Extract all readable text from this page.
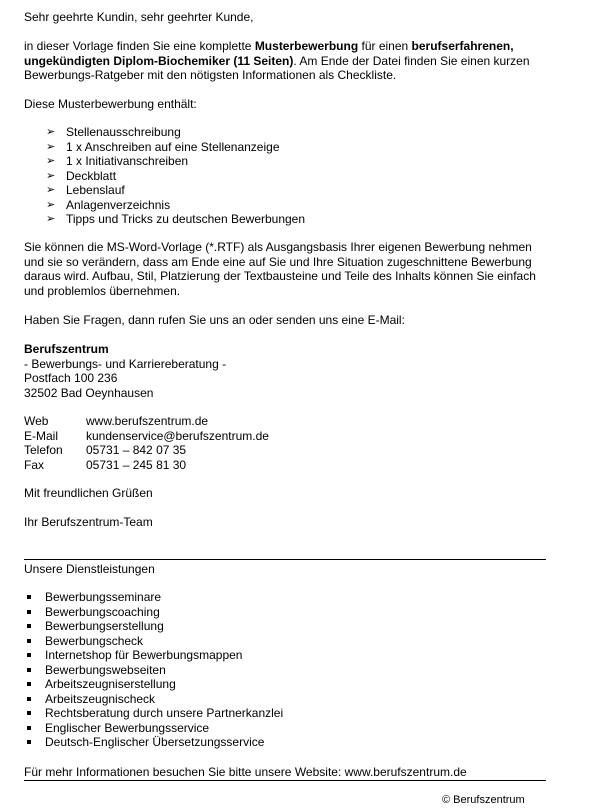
Sehr geehrte Kundin, sehr geehrter Kunde,

in dieser Vorlage finden Sie eine komplette Musterbewerbung für einen berufserfahrenen, ungekündigten Diplom-Biochemiker (11 Seiten). Am Ende der Datei finden Sie einen kurzen Bewerbungs-Ratgeber mit den nötigsten Informationen als Checkliste.

Diese Musterbewerbung enthält:

➢ Stellenausschreibung
➢ 1 x Anschreiben auf eine Stellenanzeige
➢ 1 x Initiativanschreiben
➢ Deckblatt
➢ Lebenslauf
➢ Anlagenverzeichnis
➢ Tipps und Tricks zu deutschen Bewerbungen

Sie können die MS-Word-Vorlage (*.RTF) als Ausgangsbasis Ihrer eigenen Bewerbung nehmen und sie so verändern, dass am Ende eine auf Sie und Ihre Situation zugeschnittene Bewerbung daraus wird. Aufbau, Stil, Platzierung der Textbausteine und Teile des Inhalts können Sie einfach und problemlos übernehmen.

Haben Sie Fragen, dann rufen Sie uns an oder senden uns eine E-Mail:

Berufszentrum
- Bewerbungs- und Karriereberatung -
Postfach 100 236
32502 Bad Oeynhausen
Web	www.berufszentrum.de
E-Mail	kundenservice@berufszentrum.de
Telefon	05731 – 842 07 35
Fax	05731 – 245 81 30

Mit freundlichen Grüßen

Ihr Berufszentrum-Team

Unsere Dienstleistungen

Bewerbungsseminare
Bewerbungscoaching
Bewerbungserstellung
Bewerbungscheck
Internetshop für Bewerbungsmappen
Bewerbungswebseiten
Arbeitszeugniserstellung
Arbeitszeugnischeck
Rechtsberatung durch unsere Partnerkanzlei
Englischer Bewerbungsservice
Deutsch-Englischer Übersetzungsservice

Für mehr Informationen besuchen Sie bitte unsere Website: www.berufszentrum.de

© Berufszentrum
